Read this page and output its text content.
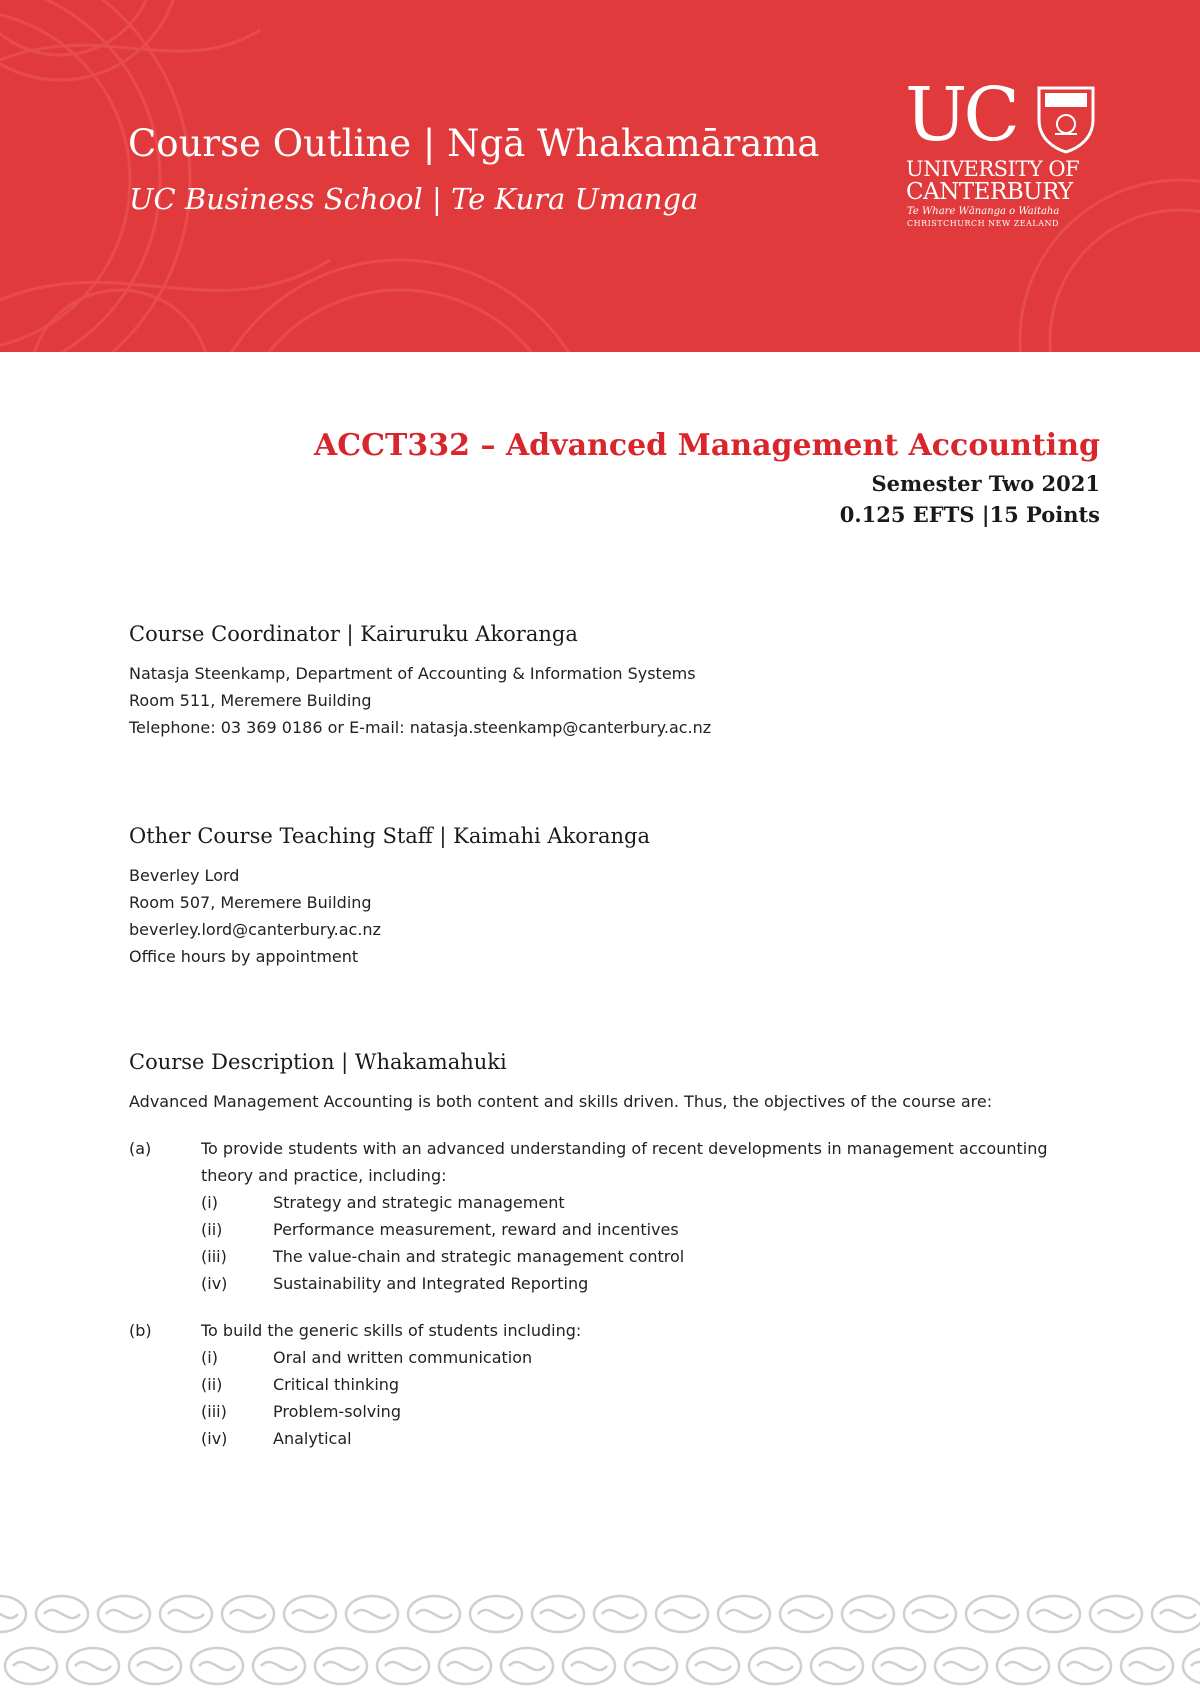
Course Outline | Ngā Whakamārama
UC Business School | Te Kura Umanga
UC
UNIVERSITY OF
CANTERBURY
Te Whare Wānanga o Waitaha
CHRISTCHURCH NEW ZEALAND
ACCT332 – Advanced Management Accounting
Semester Two 2021
0.125 EFTS |15 Points
Course Coordinator | Kairuruku Akoranga
Natasja Steenkamp, Department of Accounting & Information Systems
Room 511, Meremere Building
Telephone: 03 369 0186 or E-mail: natasja.steenkamp@canterbury.ac.nz
Other Course Teaching Staff | Kaimahi Akoranga
Beverley Lord
Room 507, Meremere Building
beverley.lord@canterbury.ac.nz
Office hours by appointment
Course Description | Whakamahuki
Advanced Management Accounting is both content and skills driven. Thus, the objectives of the course are:
(a)	To provide students with an advanced understanding of recent developments in management accounting theory and practice, including:
(i)	Strategy and strategic management
(ii)	Performance measurement, reward and incentives
(iii)	The value-chain and strategic management control
(iv)	Sustainability and Integrated Reporting
(b)	To build the generic skills of students including:
(i)	Oral and written communication
(ii)	Critical thinking
(iii)	Problem-solving
(iv)	Analytical
